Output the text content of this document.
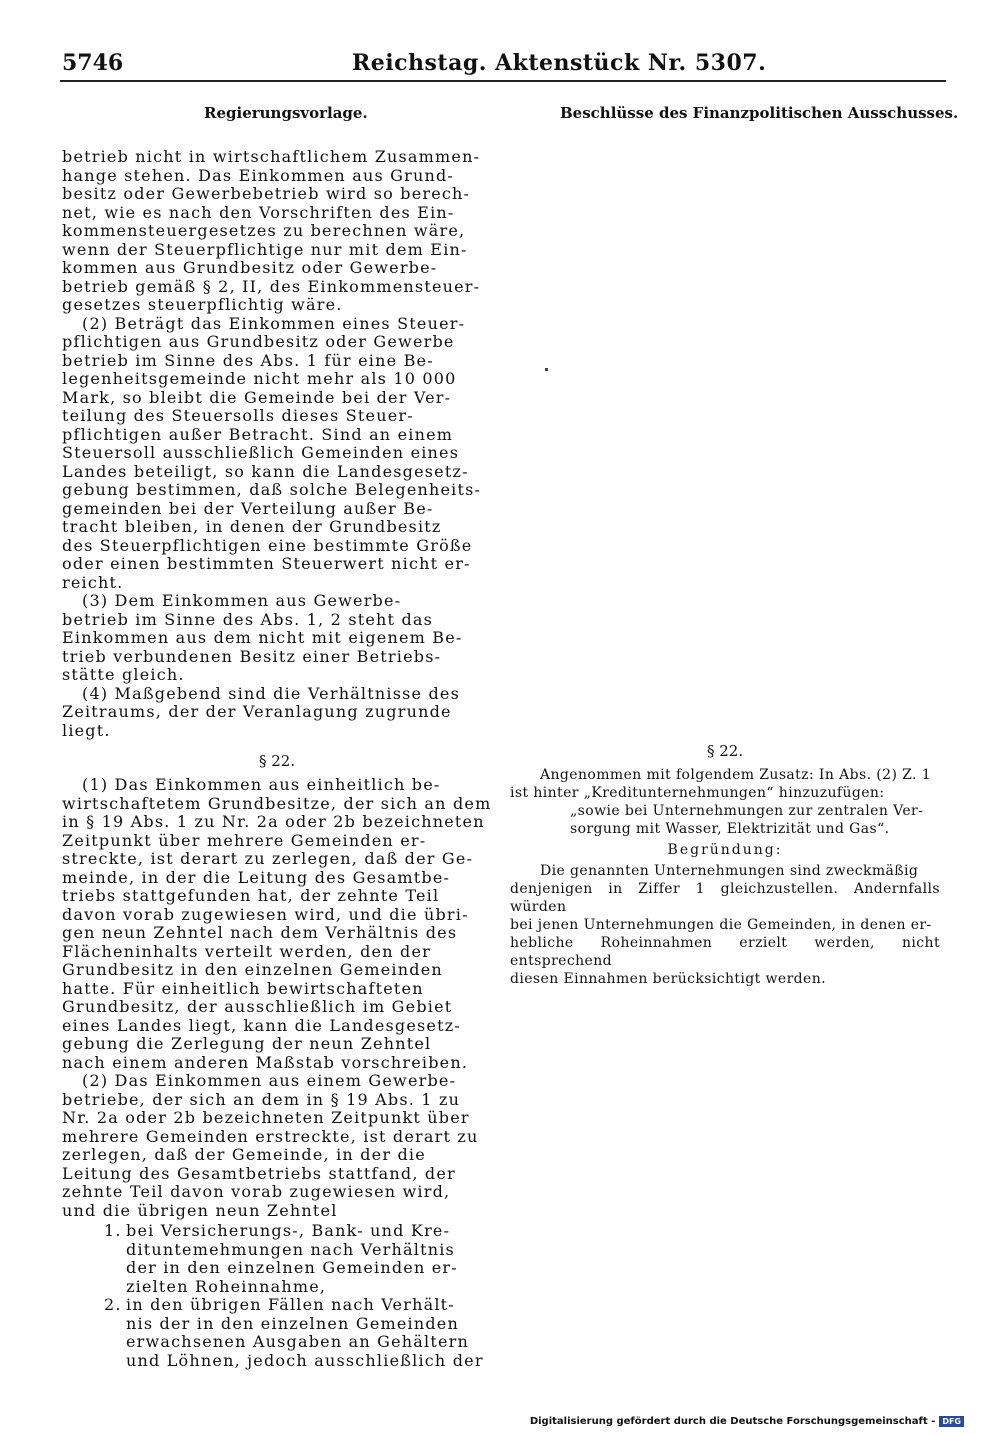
5746	Reichstag. Aktenstück Nr. 5307.
Regierungsvorlage.	Beschlüsse des Finanzpolitischen Ausschusses.

betrieb nicht in wirtschaftlichem Zusammen-
hange stehen. Das Einkommen aus Grund-
besitz oder Gewerbebetrieb wird so berech-
net, wie es nach den Vorschriften des Ein-
kommensteuergesetzes zu berechnen wäre,
wenn der Steuerpflichtige nur mit dem Ein-
kommen aus Grundbesitz oder Gewerbe-
betrieb gemäß § 2, II, des Einkommensteuer-
gesetzes steuerpflichtig wäre.

(2) Beträgt das Einkommen eines Steuer-
pflichtigen aus Grundbesitz oder Gewerbe
betrieb im Sinne des Abs. 1 für eine Be-
legenheitsgemeinde nicht mehr als 10 000
Mark, so bleibt die Gemeinde bei der Ver-
teilung des Steuersolls dieses Steuer-
pflichtigen außer Betracht. Sind an einem
Steuersoll ausschließlich Gemeinden eines
Landes beteiligt, so kann die Landesgesetz-
gebung bestimmen, daß solche Belegenheits-
gemeinden bei der Verteilung außer Be-
tracht bleiben, in denen der Grundbesitz
des Steuerpflichtigen eine bestimmte Größe
oder einen bestimmten Steuerwert nicht er-
reicht.

(3) Dem Einkommen aus Gewerbe-
betrieb im Sinne des Abs. 1, 2 steht das
Einkommen aus dem nicht mit eigenem Be-
trieb verbundenen Besitz einer Betriebs-
stätte gleich.

(4) Maßgebend sind die Verhältnisse des
Zeitraums, der der Veranlagung zugrunde
liegt.

§ 22.

(1) Das Einkommen aus einheitlich be-
wirtschaftetem Grundbesitze, der sich an dem
in § 19 Abs. 1 zu Nr. 2a oder 2b bezeichneten
Zeitpunkt über mehrere Gemeinden er-
streckte, ist derart zu zerlegen, daß der Ge-
meinde, in der die Leitung des Gesamtbe-
triebs stattgefunden hat, der zehnte Teil
davon vorab zugewiesen wird, und die übri-
gen neun Zehntel nach dem Verhältnis des
Flächeninhalts verteilt werden, den der
Grundbesitz in den einzelnen Gemeinden
hatte. Für einheitlich bewirtschafteten
Grundbesitz, der ausschließlich im Gebiet
eines Landes liegt, kann die Landesgesetz-
gebung die Zerlegung der neun Zehntel
nach einem anderen Maßstab vorschreiben.

(2) Das Einkommen aus einem Gewerbe-
betriebe, der sich an dem in § 19 Abs. 1 zu
Nr. 2a oder 2b bezeichneten Zeitpunkt über
mehrere Gemeinden erstreckte, ist derart zu
zerlegen, daß der Gemeinde, in der die
Leitung des Gesamtbetriebs stattfand, der
zehnte Teil davon vorab zugewiesen wird,
und die übrigen neun Zehntel

1. bei Versicherungs-, Bank- und Kre-
dituntemehmungen nach Verhältnis
der in den einzelnen Gemeinden er-
zielten Roheinnahme,
2. in den übrigen Fällen nach Verhält-
nis der in den einzelnen Gemeinden
erwachsenen Ausgaben an Gehältern
und Löhnen, jedoch ausschließlich der
§ 22.

Angenommen mit folgendem Zusatz: In Abs. (2) Z. 1
ist hinter „Kreditunternehmungen“ hinzuzufügen:

„sowie bei Unternehmungen zur zentralen Ver-
sorgung mit Wasser, Elektrizität und Gas“.

Begründung:

Die genannten Unternehmungen sind zweckmäßig
denjenigen in Ziffer 1 gleichzustellen. Andernfalls würden
bei jenen Unternehmungen die Gemeinden, in denen er-
hebliche Roheinnahmen erzielt werden, nicht entsprechend
diesen Einnahmen berücksichtigt werden.

Digitalisierung gefördert durch die Deutsche Forschungsgemeinschaft - DFG
